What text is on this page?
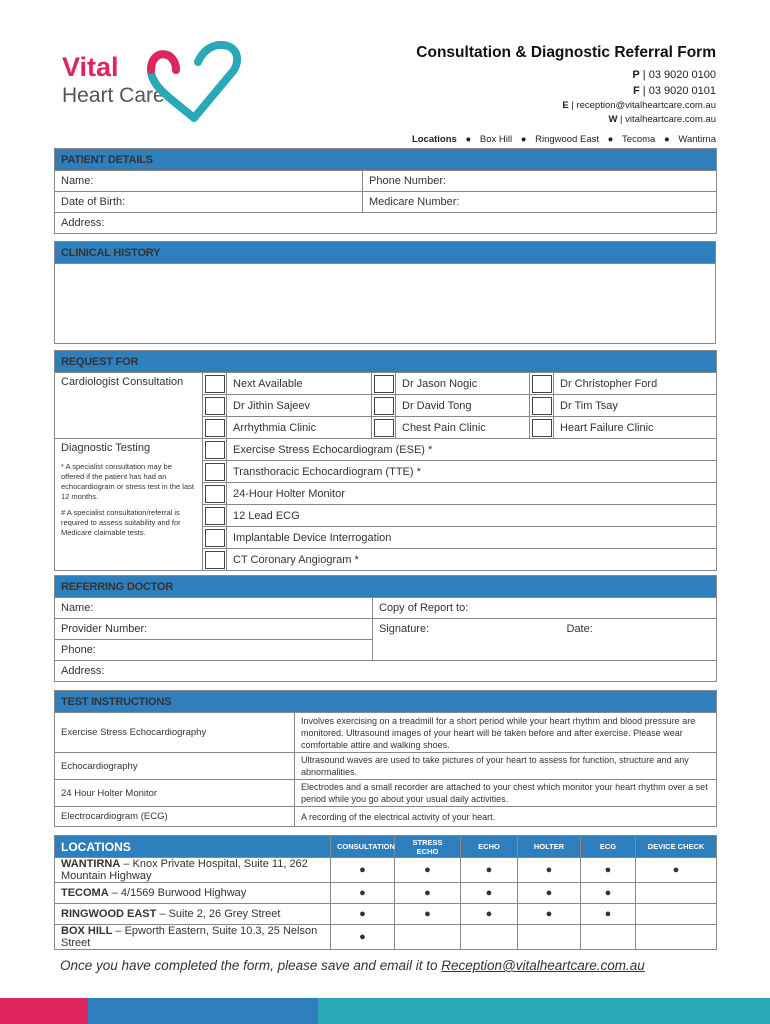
Vital
Heart Care
Consultation & Diagnostic Referral Form
P | 03 9020 0100
F | 03 9020 0101
E | reception@vitalheartcare.com.au
W | vitalheartcare.com.au
Locations ● Box Hill ● Ringwood East ● Tecoma ● Wantirna
PATIENT DETAILS	
Name:	Phone Number:
Date of Birth:	Medicare Number:
Address:	
CLINICAL HISTORY

REQUEST FOR						
Cardiologist Consultation		Next Available		Dr Jason Nogic		Dr Christopher Ford

		Dr Jithin Sajeev		Dr David Tong		Dr Tim Tsay

		Arrhythmia Clinic		Chest Pain Clinic		Heart Failure Clinic

Diagnostic Testing
* A specialist consultation may be offered if the patient has had an echocardiogram or stress test in the last 12 months.
# A specialist consultation/referral is required to assess suitability and for Medicare claimable tests.		Exercise Stress Echocardiogram (ESE) *				

		Transthoracic Echocardiogram (TTE) *				

		24-Hour Holter Monitor				

		12 Lead ECG				

		Implantable Device Interrogation				

		CT Coronary Angiogram *				
REFERRING DOCTOR		
Name:	Copy of Report to:	
Provider Number:	Signature:	Date:
Phone:		
Address:		
TEST INSTRUCTIONS	
Exercise Stress Echocardiography	Involves exercising on a treadmill for a short period while your heart rhythm and blood pressure are monitored. Ultrasound images of your heart will be taken before and after exercise. Please wear comfortable attire and walking shoes.
Echocardiography	Ultrasound waves are used to take pictures of your heart to assess for function, structure and any abnormalities.
24 Hour Holter Monitor	Electrodes and a small recorder are attached to your chest which monitor your heart rhythm over a set period while you go about your usual daily activities.
Electrocardiogram (ECG)	A recording of the electrical activity of your heart.
LOCATIONS	CONSULTATION	STRESS ECHO	ECHO	HOLTER	ECG	DEVICE CHECK
WANTIRNA – Knox Private Hospital, Suite 11, 262 Mountain Highway	●	●	●	●	●	●
TECOMA – 4/1569 Burwood Highway	●	●	●	●	●	
RINGWOOD EAST – Suite 2, 26 Grey Street	●	●	●	●	●	
BOX HILL – Epworth Eastern, Suite 10.3, 25 Nelson Street	●					
Once you have completed the form, please save and email it to Reception@vitalheartcare.com.au
